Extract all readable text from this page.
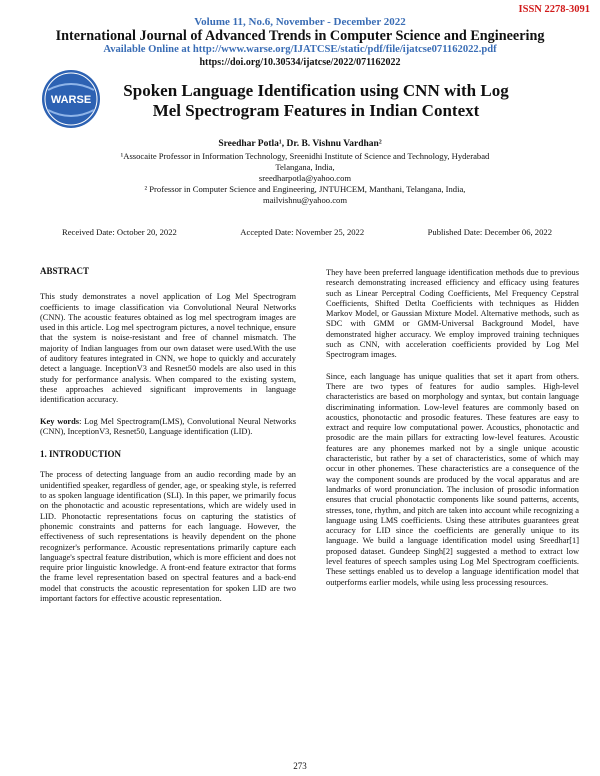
ISSN 2278-3091
Volume 11, No.6, November - December 2022
International Journal of Advanced Trends in Computer Science and Engineering
Available Online at http://www.warse.org/IJATCSE/static/pdf/file/ijatcse071162022.pdf
https://doi.org/10.30534/ijatcse/2022/071162022
WARSE	Spoken Language Identification using CNN with Log
Mel Spectrogram Features in Indian Context
Sreedhar Potla¹, Dr. B. Vishnu Vardhan²
¹Assocaite Professor in Information Technology, Sreenidhi Institute of Science and Technology, Hyderabad
Telangana, India,
sreedharpotla@yahoo.com
² Professor in Computer Science and Engineering, JNTUHCEM, Manthani, Telangana, India,
mailvishnu@yahoo.com
Received Date: October 20, 2022	Accepted Date: November 25, 2022	Published Date: December 06, 2022

ABSTRACT

This study demonstrates a novel application of Log Mel Spectrogram coefficients to image classification via Convolutional Neural Networks (CNN). The acoustic features obtained as log mel spectrogram images are used in this article. Log mel spectrogram pictures, a novel technique, ensure that the system is noise-resistant and free of channel mismatch. The majority of Indian languages from our own dataset were used.With the use of auditory features integrated in CNN, we hope to quickly and accurately detect a language. InceptionV3 and Resnet50 models are also used in this study for performance analysis. When compared to the existing system, these approaches achieved significant improvements in language identification accuracy.

Key words: Log Mel Spectrogram(LMS), Convolutional Neural Networks (CNN), InceptionV3, Resnet50, Language identification (LID).

1. INTRODUCTION

The process of detecting language from an audio recording made by an unidentified speaker, regardless of gender, age, or speaking style, is referred to as spoken language identification (SLI). In this paper, we primarily focus on the phonotactic and acoustic representations, which are widely used in LID. Phonotactic representations focus on capturing the statistics of phonemic constraints and patterns for each language. However, the effectiveness of such representations is heavily dependent on the phone recognizer's performance. Acoustic representations primarily capture each language's spectral feature distribution, which is more efficient and does not require prior linguistic knowledge. A front-end feature extractor that forms the frame level representation based on spectral features and a back-end model that constructs the acoustic representation for spoken LID are two important factors for effective acoustic representation.

They have been preferred language identification methods due to previous research demonstrating increased efficiency and efficacy using features such as Linear Perceptral Coding Coefficients, Mel Frequency Cepstral Coefficients, Shifted Detlta Coefficients with techniques as Hidden Markov Model, or Gaussian Mixture Model. Alternative methods, such as SDC with GMM or GMM-Universal Background Model, have demonstrated higher accuracy. We employ improved training techniques such as CNN, with acceleration coefficients provided by Log Mel Spectrogram images.

Since, each language has unique qualities that set it apart from others. There are two types of features for audio samples. High-level characteristics are based on morphology and syntax, but contain language discriminating information. Low-level features are commonly based on acoustics, phonotactic and prosodic features. These features are easy to extract and require low computational power. Acoustics, phonotactic and prosodic are the main pillars for extracting low-level features. Acoustic features are any phonemes marked not by a single unique acoustic characteristic, but rather by a set of characteristics, some of which may occur in other phonemes. These characteristics are a consequence of the way the component sounds are produced by the vocal apparatus and are landmarks of word pronunciation. The inclusion of prosodic information ensures that crucial phonotactic components like sound patterns, accents, stresses, tone, rhythm, and pitch are taken into account while recognizing a language using LMS coefficients. Using these attributes guarantees great accuracy for LID since the coefficients are generally unique to its language. We build a language identification model using Sreedhar[1] proposed dataset. Gundeep Singh[2] suggested a method to extract low level features of speech samples using Log Mel Spectrogram coefficients. These settings enabled us to develop a language identification model that outperforms earlier models, while using less processing resources.

273
